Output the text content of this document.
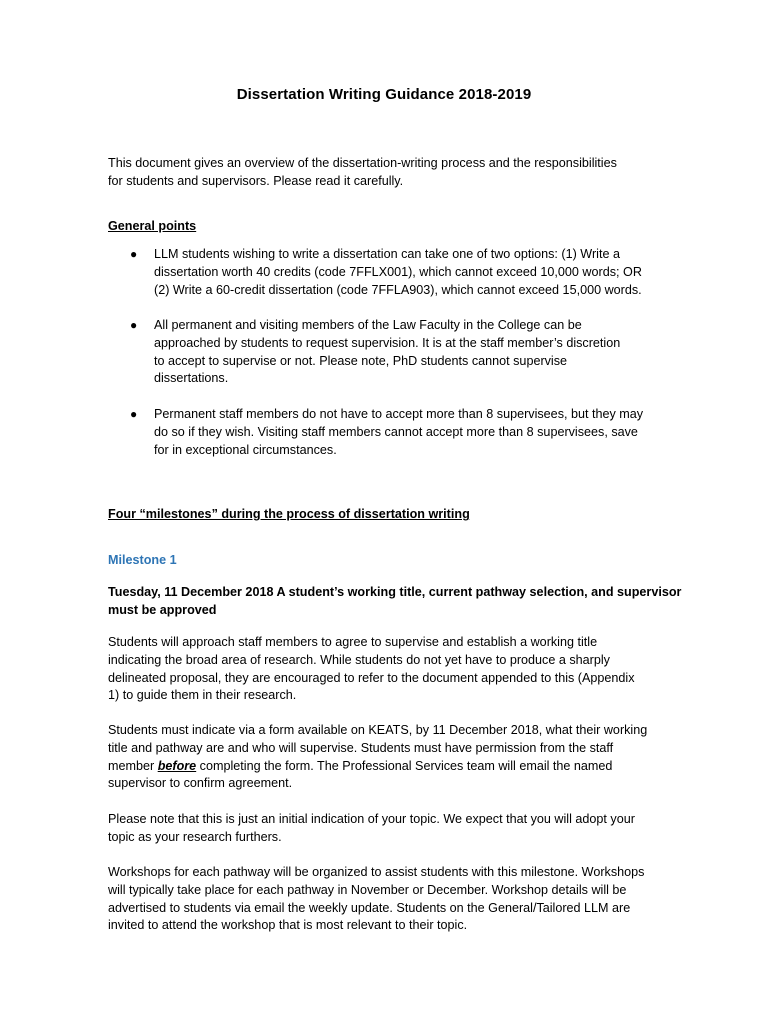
Dissertation Writing Guidance 2018-2019
This document gives an overview of the dissertation-writing process and the responsibilities
for students and supervisors. Please read it carefully.
General points
● LLM students wishing to write a dissertation can take one of two options: (1) Write a
dissertation worth 40 credits (code 7FFLX001), which cannot exceed 10,000 words; OR
(2) Write a 60-credit dissertation (code 7FFLA903), which cannot exceed 15,000 words.
● All permanent and visiting members of the Law Faculty in the College can be
approached by students to request supervision. It is at the staff member’s discretion
to accept to supervise or not. Please note, PhD students cannot supervise
dissertations.
● Permanent staff members do not have to accept more than 8 supervisees, but they may
do so if they wish. Visiting staff members cannot accept more than 8 supervisees, save
for in exceptional circumstances.
Four “milestones” during the process of dissertation writing
Milestone 1
Tuesday, 11 December 2018 A student’s working title, current pathway selection, and supervisor
must be approved
Students will approach staff members to agree to supervise and establish a working title
indicating the broad area of research. While students do not yet have to produce a sharply
delineated proposal, they are encouraged to refer to the document appended to this (Appendix
1) to guide them in their research.
Students must indicate via a form available on KEATS, by 11 December 2018, what their working
title and pathway are and who will supervise. Students must have permission from the staff
member before completing the form. The Professional Services team will email the named
supervisor to confirm agreement.
Please note that this is just an initial indication of your topic. We expect that you will adopt your
topic as your research furthers.
Workshops for each pathway will be organized to assist students with this milestone. Workshops
will typically take place for each pathway in November or December. Workshop details will be
advertised to students via email the weekly update. Students on the General/Tailored LLM are
invited to attend the workshop that is most relevant to their topic.
